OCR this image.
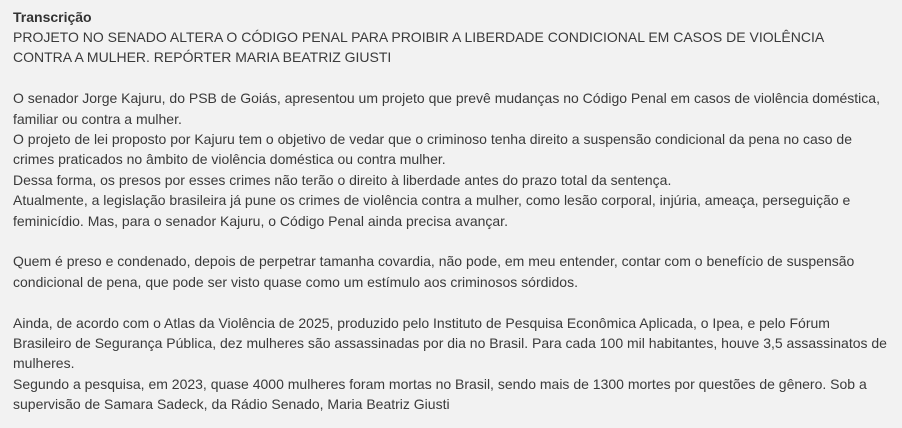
Transcrição
PROJETO NO SENADO ALTERA O CÓDIGO PENAL PARA PROIBIR A LIBERDADE CONDICIONAL EM CASOS DE VIOLÊNCIA
CONTRA A MULHER. REPÓRTER MARIA BEATRIZ GIUSTI
O senador Jorge Kajuru, do PSB de Goiás, apresentou um projeto que prevê mudanças no Código Penal em casos de violência doméstica, familiar ou contra a mulher.
O projeto de lei proposto por Kajuru tem o objetivo de vedar que o criminoso tenha direito a suspensão condicional da pena no caso de crimes praticados no âmbito de violência doméstica ou contra mulher.
Dessa forma, os presos por esses crimes não terão o direito à liberdade antes do prazo total da sentença.
Atualmente, a legislação brasileira já pune os crimes de violência contra a mulher, como lesão corporal, injúria, ameaça, perseguição e feminicídio. Mas, para o senador Kajuru, o Código Penal ainda precisa avançar.
Quem é preso e condenado, depois de perpetrar tamanha covardia, não pode, em meu entender, contar com o benefício de suspensão condicional de pena, que pode ser visto quase como um estímulo aos criminosos sórdidos.
Ainda, de acordo com o Atlas da Violência de 2025, produzido pelo Instituto de Pesquisa Econômica Aplicada, o Ipea, e pelo Fórum Brasileiro de Segurança Pública, dez mulheres são assassinadas por dia no Brasil. Para cada 100 mil habitantes, houve 3,5 assassinatos de mulheres.
Segundo a pesquisa, em 2023, quase 4000 mulheres foram mortas no Brasil, sendo mais de 1300 mortes por questões de gênero. Sob a supervisão de Samara Sadeck, da Rádio Senado, Maria Beatriz Giusti
